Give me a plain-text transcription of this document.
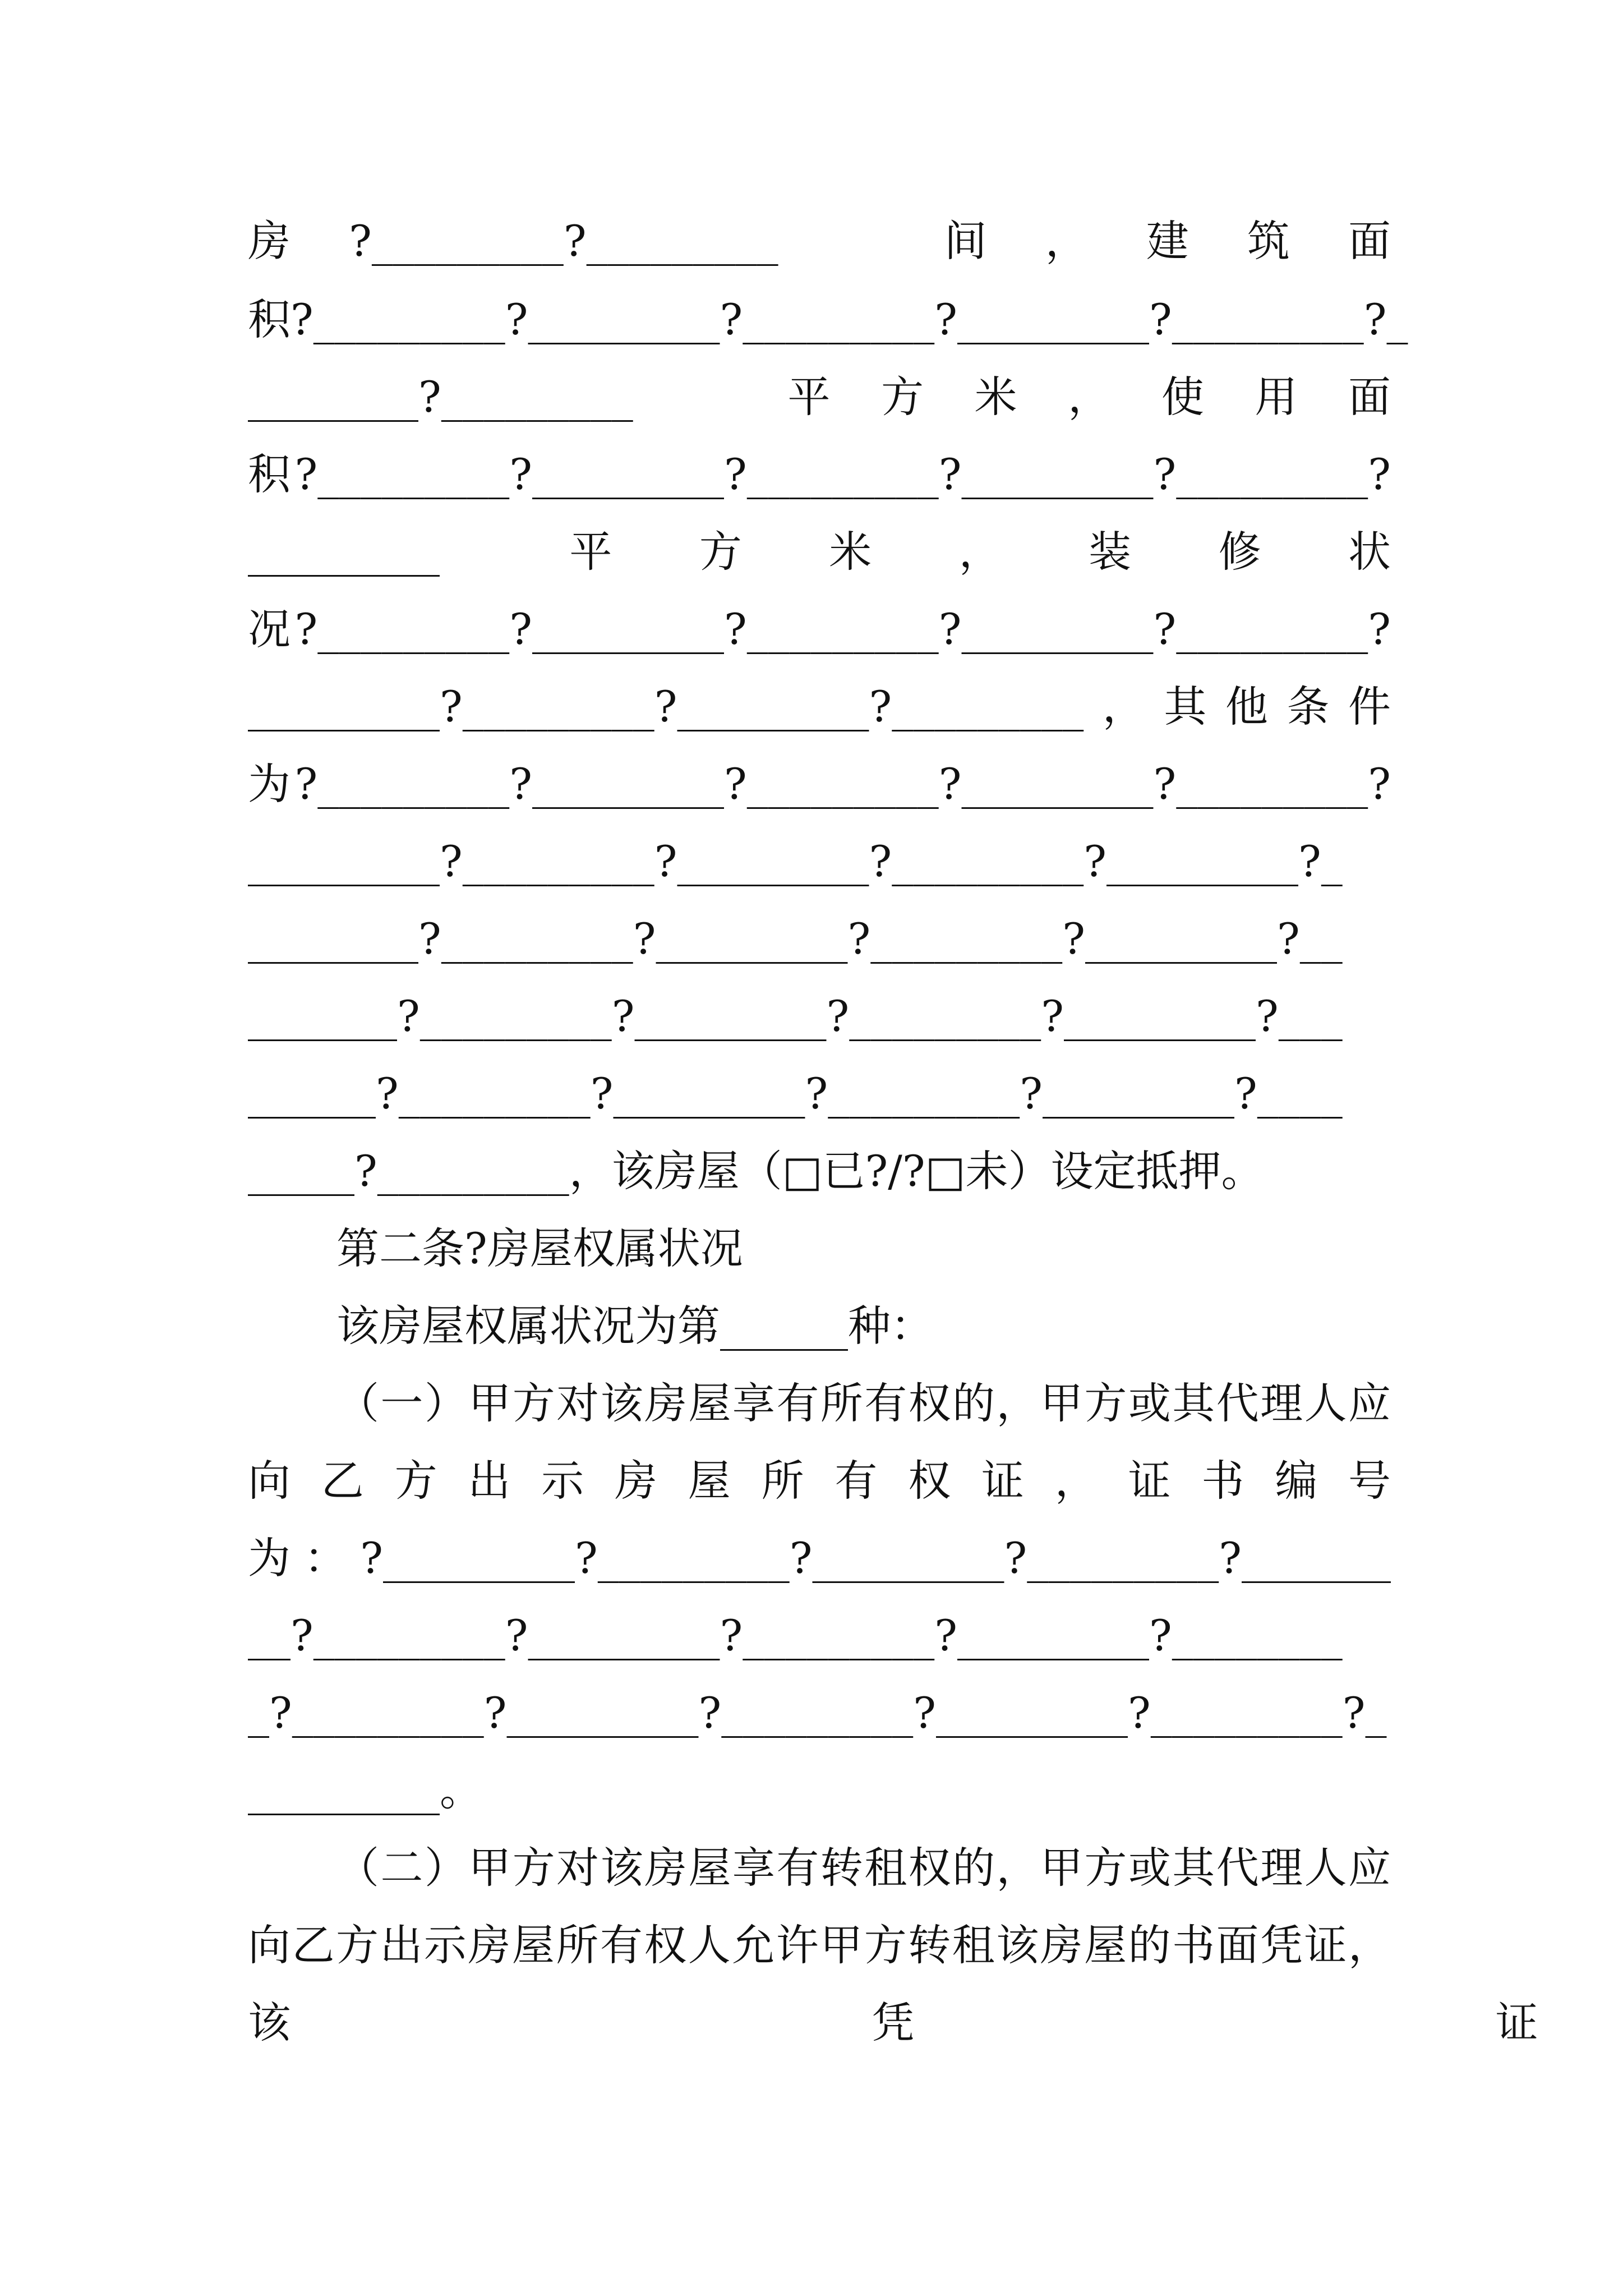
房 ?_________?_________ 　　间 ， 建 筑 面
积?_________?_________?_________?_________?_________?_
________?_________ 　　平 方 米 ， 使 用 面
积?_________?_________?_________?_________?_________?
_________ 　　平 　方 　米 　， 　装 　修 　状
况?_________?_________?_________?_________?_________?
_________?_________?_________?_________，其他条件
为?_________?_________?_________?_________?_________?
_________?_________?_________?_________?_________?_
________?_________?_________?_________?_________?__
_______?_________?_________?_________?_________?___
______?_________?_________?_________?_________?____
_____?_________，该房屋（□已?/?□未）设定抵押。
第二条?房屋权属状况
该房屋权属状况为第______种：
（一）甲方对该房屋享有所有权的，甲方或其代理人应
向 乙 方 出 示 房 屋 所 有 权 证 ， 证 书 编 号
为：?_________?_________?_________?_________?_______
__?_________?_________?_________?_________?________
_?_________?_________?_________?_________?_________?_
_________。
（二）甲方对该房屋享有转租权的，甲方或其代理人应
向乙方出示房屋所有权人允许甲方转租该房屋的书面凭证，
该 　　　　　　　　　　　　　 凭 　　　　　　　　　　　　　 证
